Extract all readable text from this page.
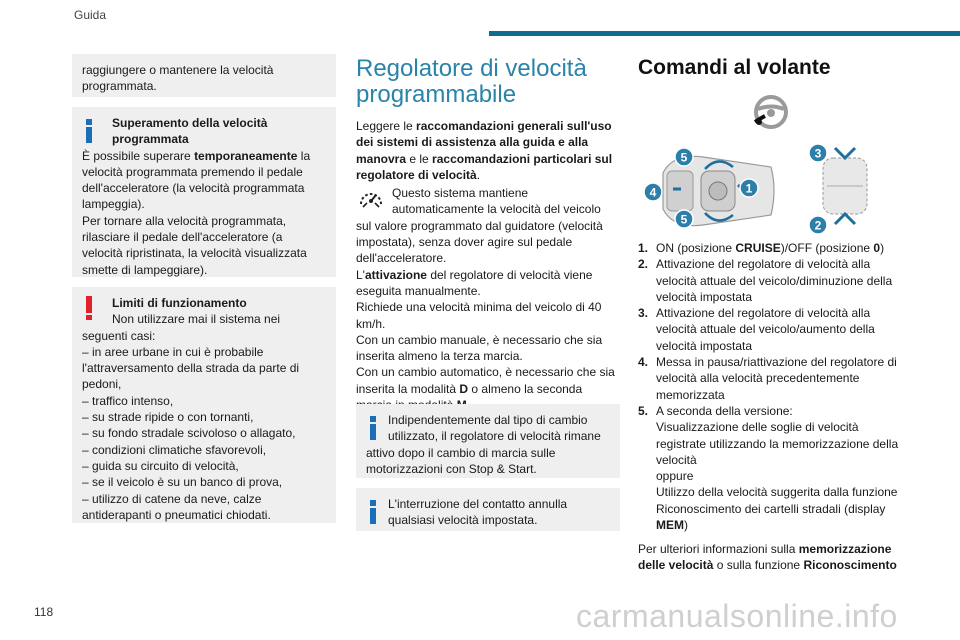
Guida

raggiungere o mantenere la velocità programmata.

Superamento della velocità programmata

È possibile superare temporaneamente la velocità programmata premendo il pedale dell'acceleratore (la velocità programmata lampeggia).

Per tornare alla velocità programmata, rilasciare il pedale dell'acceleratore (a velocità ripristinata, la velocità visualizzata smette di lampeggiare).

Limiti di funzionamento

Non utilizzare mai il sistema nei seguenti casi:

– in aree urbane in cui è probabile l'attraversamento della strada da parte di pedoni,

– traffico intenso,

– su strade ripide o con tornanti,

– su fondo stradale scivoloso o allagato,

– condizioni climatiche sfavorevoli,

– guida su circuito di velocità,

– se il veicolo è su un banco di prova,

– utilizzo di catene da neve, calze antiderapanti o pneumatici chiodati.

Regolatore di velocità programmabile

Leggere le raccomandazioni generali sull'uso dei sistemi di assistenza alla guida e alla manovra e le raccomandazioni particolari sul regolatore di velocità.

Questo sistema mantiene automaticamente la velocità del veicolo
sul valore programmato dal guidatore (velocità impostata), senza dover agire sul pedale dell'acceleratore.

L'attivazione del regolatore di velocità viene eseguita manualmente.

Richiede una velocità minima del veicolo di 40 km/h.

Con un cambio manuale, è necessario che sia inserita almeno la terza marcia.

Con un cambio automatico, è necessario che sia inserita la modalità D o almeno la seconda

Indipendentemente dal tipo di cambio utilizzato, il regolatore di velocità rimane

attivo dopo il cambio di marcia sulle motorizzazioni con Stop & Start.

L'interruzione del contatto annulla qualsiasi velocità impostata.

Comandi al volante
1
2
3
4
5
5
1. ON (posizione CRUISE)/OFF (posizione 0)
2. Attivazione del regolatore di velocità alla velocità attuale del veicolo/diminuzione della velocità impostata
3. Attivazione del regolatore di velocità alla velocità attuale del veicolo/aumento della velocità impostata
4. Messa in pausa/riattivazione del regolatore di velocità alla velocità precedentemente memorizzata
5. A seconda della versione:
Visualizzazione delle soglie di velocità registrate utilizzando la memorizzazione della velocità
oppure
Utilizzo della velocità suggerita dalla funzione Riconoscimento dei cartelli stradali (display MEM)

Per ulteriori informazioni sulla memorizzazione delle velocità o sulla funzione Riconoscimento

118	carmanualsonline.info
